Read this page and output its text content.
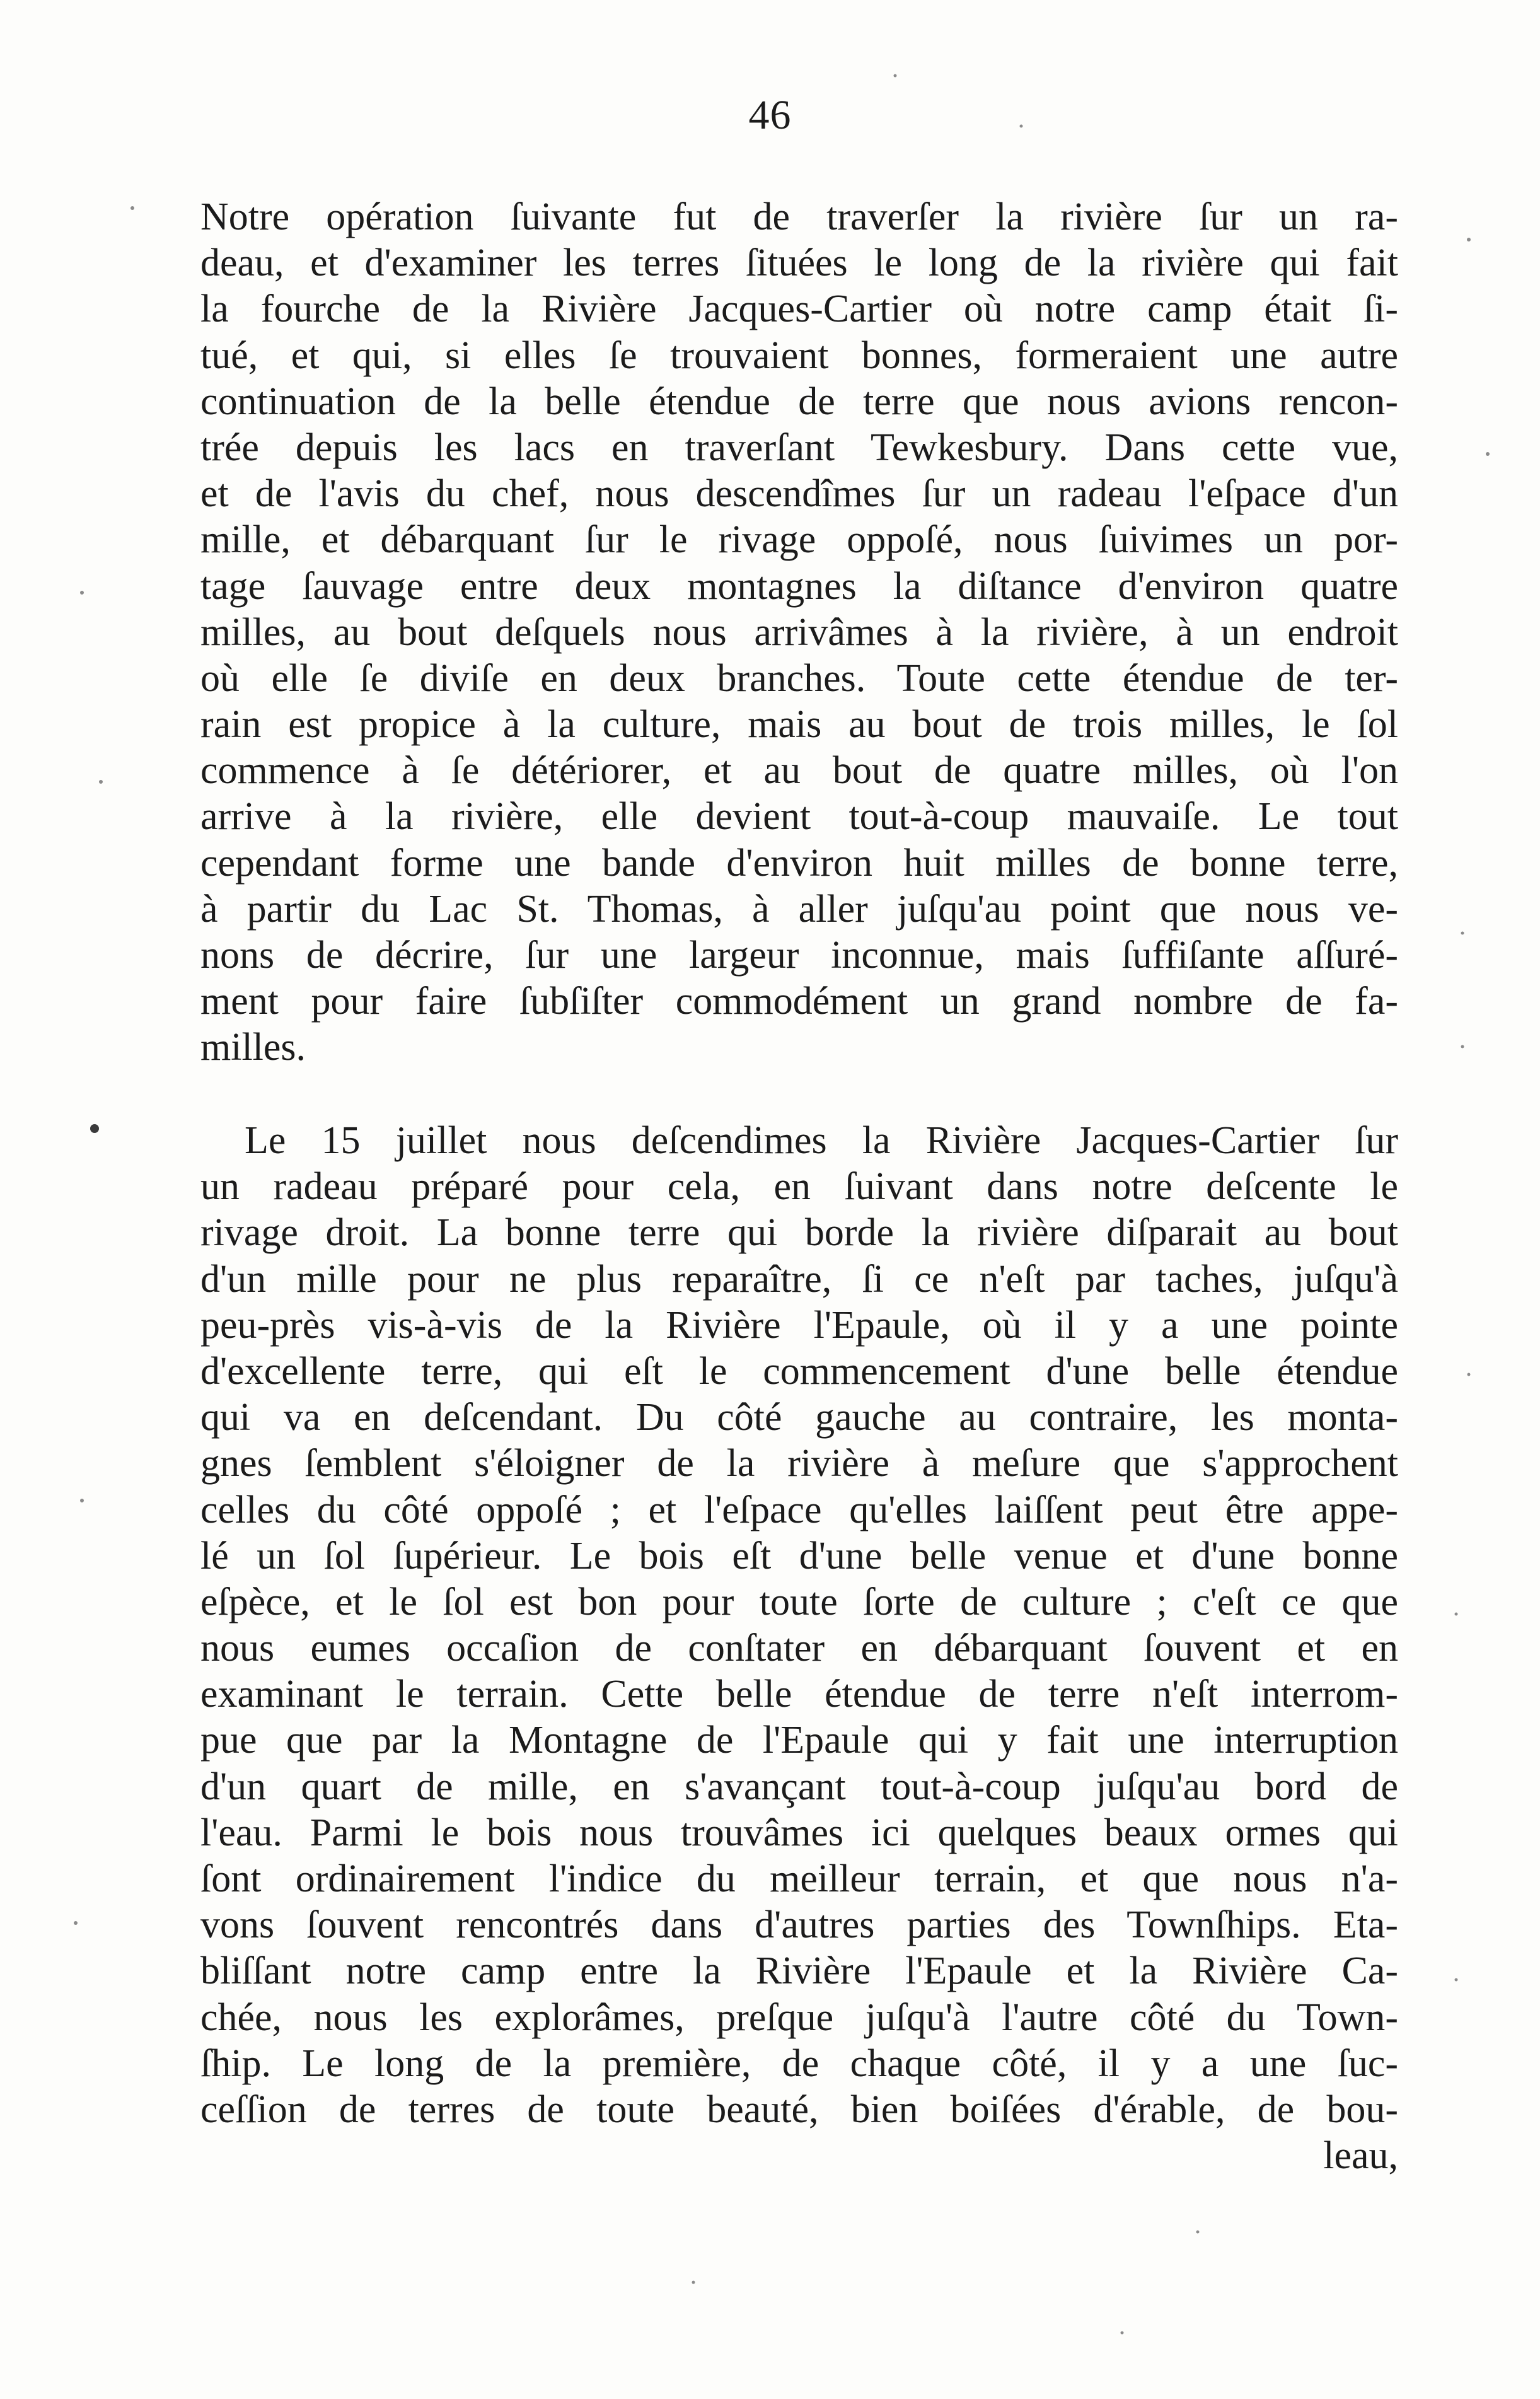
46
Notre opération ſuivante fut de traverſer la rivière ſur un ra-
deau, et d'examiner les terres ſituées le long de la rivière qui fait
la fourche de la Rivière Jacques-Cartier où notre camp était ſi-
tué, et qui, si elles ſe trouvaient bonnes, formeraient une autre
continuation de la belle étendue de terre que nous avions rencon-
trée depuis les lacs en traverſant Tewkesbury. Dans cette vue,
et de l'avis du chef, nous descendîmes ſur un radeau l'eſpace d'un
mille, et débarquant ſur le rivage oppoſé, nous ſuivimes un por-
tage ſauvage entre deux montagnes la diſtance d'environ quatre
milles, au bout deſquels nous arrivâmes à la rivière, à un endroit
où elle ſe diviſe en deux branches. Toute cette étendue de ter-
rain est propice à la culture, mais au bout de trois milles, le ſol
commence à ſe détériorer, et au bout de quatre milles, où l'on
arrive à la rivière, elle devient tout-à-coup mauvaiſe. Le tout
cependant forme une bande d'environ huit milles de bonne terre,
à partir du Lac St. Thomas, à aller juſqu'au point que nous ve-
nons de décrire, ſur une largeur inconnue, mais ſuffiſante aſſuré-
ment pour faire ſubſiſter commodément un grand nombre de fa-
milles.
Le 15 juillet nous deſcendimes la Rivière Jacques-Cartier ſur
un radeau préparé pour cela, en ſuivant dans notre deſcente le
rivage droit. La bonne terre qui borde la rivière diſparait au bout
d'un mille pour ne plus reparaître, ſi ce n'eſt par taches, juſqu'à
peu-près vis-à-vis de la Rivière l'Epaule, où il y a une pointe
d'excellente terre, qui eſt le commencement d'une belle étendue
qui va en deſcendant. Du côté gauche au contraire, les monta-
gnes ſemblent s'éloigner de la rivière à meſure que s'approchent
celles du côté oppoſé ; et l'eſpace qu'elles laiſſent peut être appe-
lé un ſol ſupérieur. Le bois eſt d'une belle venue et d'une bonne
eſpèce, et le ſol est bon pour toute ſorte de culture ; c'eſt ce que
nous eumes occaſion de conſtater en débarquant ſouvent et en
examinant le terrain. Cette belle étendue de terre n'eſt interrom-
pue que par la Montagne de l'Epaule qui y fait une interruption
d'un quart de mille, en s'avançant tout-à-coup juſqu'au bord de
l'eau. Parmi le bois nous trouvâmes ici quelques beaux ormes qui
ſont ordinairement l'indice du meilleur terrain, et que nous n'a-
vons ſouvent rencontrés dans d'autres parties des Townſhips. Eta-
bliſſant notre camp entre la Rivière l'Epaule et la Rivière Ca-
chée, nous les explorâmes, preſque juſqu'à l'autre côté du Town-
ſhip. Le long de la première, de chaque côté, il y a une ſuc-
ceſſion de terres de toute beauté, bien boiſées d'érable, de bou-
leau,
